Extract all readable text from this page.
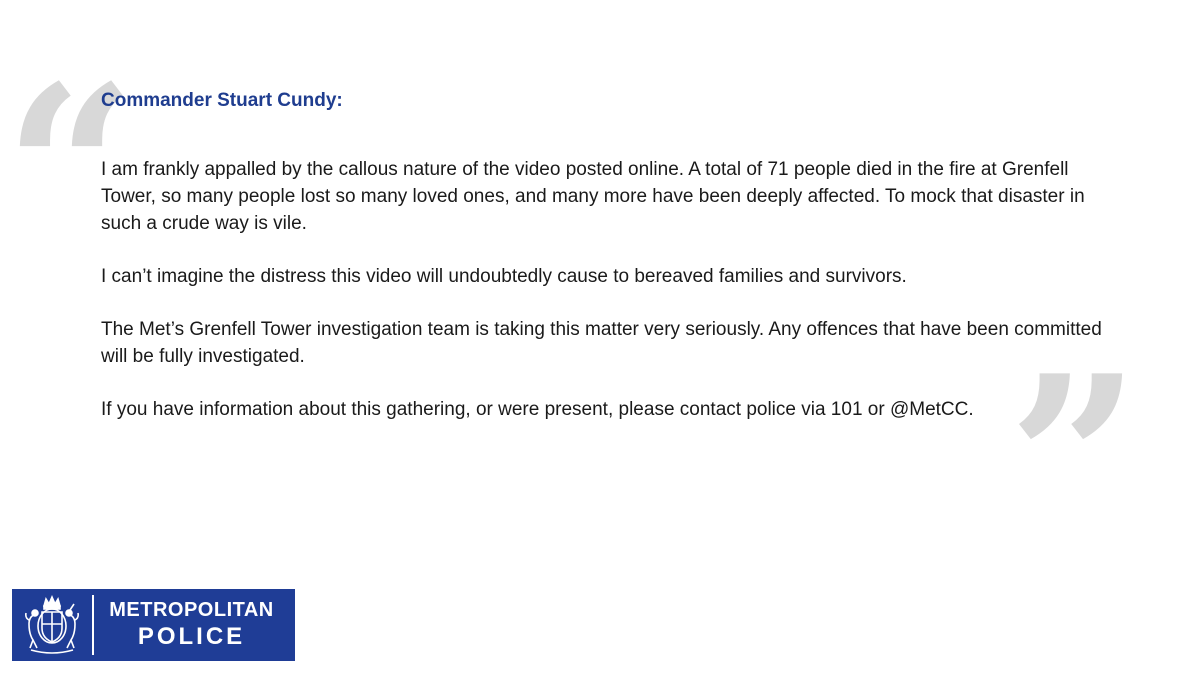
“
”

Commander Stuart Cundy:

I am frankly appalled by the callous nature of the video posted online. A total of 71 people died in the fire at Grenfell Tower, so many people lost so many loved ones, and many more have been deeply affected. To mock that disaster in such a crude way is vile.

I can’t imagine the distress this video will undoubtedly cause to bereaved families and survivors.

The Met’s Grenfell Tower investigation team is taking this matter very seriously. Any offences that have been committed will be fully investigated.

If you have information about this gathering, or were present, please contact police via 101 or @MetCC.

METROPOLITAN
POLICE
